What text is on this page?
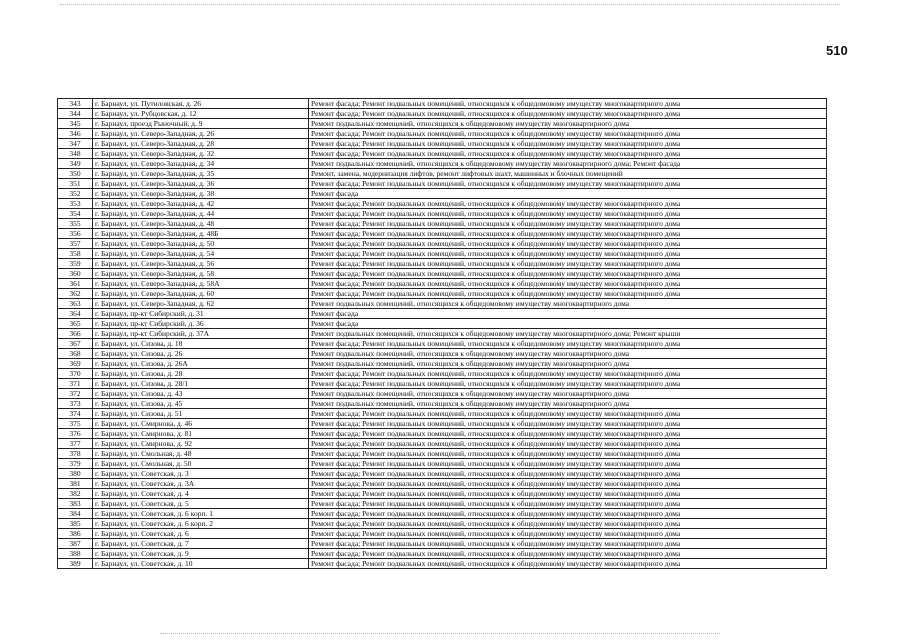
510
343	г. Барнаул, ул. Путиловская, д. 26	Ремонт фасада; Ремонт подвальных помещений, относящихся к общедомовому имуществу многоквартирного дома
344	г. Барнаул, ул. Рубцовская, д. 12	Ремонт фасада; Ремонт подвальных помещений, относящихся к общедомовому имуществу многоквартирного дома
345	г. Барнаул, проезд Рыночный, д. 9	Ремонт подвальных помещений, относящихся к общедомовому имуществу многоквартирного дома
346	г. Барнаул, ул. Северо-Западная, д. 26	Ремонт фасада; Ремонт подвальных помещений, относящихся к общедомовому имуществу многоквартирного дома
347	г. Барнаул, ул. Северо-Западная, д. 28	Ремонт фасада; Ремонт подвальных помещений, относящихся к общедомовому имуществу многоквартирного дома
348	г. Барнаул, ул. Северо-Западная, д. 32	Ремонт фасада; Ремонт подвальных помещений, относящихся к общедомовому имуществу многоквартирного дома
349	г. Барнаул, ул. Северо-Западная, д. 34	Ремонт подвальных помещений, относящихся к общедомовому имуществу многоквартирного дома; Ремонт фасада
350	г. Барнаул, ул. Северо-Западная, д. 35	Ремонт, замена, модернизация лифтов, ремонт лифтовых шахт, машинных и блочных помещений
351	г. Барнаул, ул. Северо-Западная, д. 36	Ремонт фасада; Ремонт подвальных помещений, относящихся к общедомовому имуществу многоквартирного дома
352	г. Барнаул, ул. Северо-Западная, д. 38	Ремонт фасада
353	г. Барнаул, ул. Северо-Западная, д. 42	Ремонт фасада; Ремонт подвальных помещений, относящихся к общедомовому имуществу многоквартирного дома
354	г. Барнаул, ул. Северо-Западная, д. 44	Ремонт фасада; Ремонт подвальных помещений, относящихся к общедомовому имуществу многоквартирного дома
355	г. Барнаул, ул. Северо-Западная, д. 48	Ремонт фасада; Ремонт подвальных помещений, относящихся к общедомовому имуществу многоквартирного дома
356	г. Барнаул, ул. Северо-Западная, д. 48Б	Ремонт фасада; Ремонт подвальных помещений, относящихся к общедомовому имуществу многоквартирного дома
357	г. Барнаул, ул. Северо-Западная, д. 50	Ремонт фасада; Ремонт подвальных помещений, относящихся к общедомовому имуществу многоквартирного дома
358	г. Барнаул, ул. Северо-Западная, д. 54	Ремонт фасада; Ремонт подвальных помещений, относящихся к общедомовому имуществу многоквартирного дома
359	г. Барнаул, ул. Северо-Западная, д. 56	Ремонт фасада; Ремонт подвальных помещений, относящихся к общедомовому имуществу многоквартирного дома
360	г. Барнаул, ул. Северо-Западная, д. 58	Ремонт фасада; Ремонт подвальных помещений, относящихся к общедомовому имуществу многоквартирного дома
361	г. Барнаул, ул. Северо-Западная, д. 58А	Ремонт фасада; Ремонт подвальных помещений, относящихся к общедомовому имуществу многоквартирного дома
362	г. Барнаул, ул. Северо-Западная, д. 60	Ремонт фасада; Ремонт подвальных помещений, относящихся к общедомовому имуществу многоквартирного дома
363	г. Барнаул, ул. Северо-Западная, д. 62	Ремонт подвальных помещений, относящихся к общедомовому имуществу многоквартирного дома
364	г. Барнаул, пр-кт Сибирский, д. 31	Ремонт фасада
365	г. Барнаул, пр-кт Сибирский, д. 36	Ремонт фасада
366	г. Барнаул, пр-кт Сибирский, д. 37А	Ремонт подвальных помещений, относящихся к общедомовому имуществу многоквартирного дома; Ремонт крыши
367	г. Барнаул, ул. Сизова, д. 18	Ремонт фасада; Ремонт подвальных помещений, относящихся к общедомовому имуществу многоквартирного дома
368	г. Барнаул, ул. Сизова, д. 26	Ремонт подвальных помещений, относящихся к общедомовому имуществу многоквартирного дома
369	г. Барнаул, ул. Сизова, д. 26А	Ремонт подвальных помещений, относящихся к общедомовому имуществу многоквартирного дома
370	г. Барнаул, ул. Сизова, д. 28	Ремонт фасада; Ремонт подвальных помещений, относящихся к общедомовому имуществу многоквартирного дома
371	г. Барнаул, ул. Сизова, д. 28/1	Ремонт фасада; Ремонт подвальных помещений, относящихся к общедомовому имуществу многоквартирного дома
372	г. Барнаул, ул. Сизова, д. 43	Ремонт подвальных помещений, относящихся к общедомовому имуществу многоквартирного дома
373	г. Барнаул, ул. Сизова, д. 45	Ремонт подвальных помещений, относящихся к общедомовому имуществу многоквартирного дома
374	г. Барнаул, ул. Сизова, д. 51	Ремонт фасада; Ремонт подвальных помещений, относящихся к общедомовому имуществу многоквартирного дома
375	г. Барнаул, ул. Смирнова, д. 46	Ремонт фасада; Ремонт подвальных помещений, относящихся к общедомовому имуществу многоквартирного дома
376	г. Барнаул, ул. Смирнова, д. 81	Ремонт фасада; Ремонт подвальных помещений, относящихся к общедомовому имуществу многоквартирного дома
377	г. Барнаул, ул. Смирнова, д. 92	Ремонт фасада; Ремонт подвальных помещений, относящихся к общедомовому имуществу многоквартирного дома
378	г. Барнаул, ул. Смольная, д. 48	Ремонт фасада; Ремонт подвальных помещений, относящихся к общедомовому имуществу многоквартирного дома
379	г. Барнаул, ул. Смольная, д. 50	Ремонт фасада; Ремонт подвальных помещений, относящихся к общедомовому имуществу многоквартирного дома
380	г. Барнаул, ул. Советская, д. 3	Ремонт фасада; Ремонт подвальных помещений, относящихся к общедомовому имуществу многоквартирного дома
381	г. Барнаул, ул. Советская, д. 3А	Ремонт фасада; Ремонт подвальных помещений, относящихся к общедомовому имуществу многоквартирного дома
382	г. Барнаул, ул. Советская, д. 4	Ремонт фасада; Ремонт подвальных помещений, относящихся к общедомовому имуществу многоквартирного дома
383	г. Барнаул, ул. Советская, д. 5	Ремонт фасада; Ремонт подвальных помещений, относящихся к общедомовому имуществу многоквартирного дома
384	г. Барнаул, ул. Советская, д. 6 корп. 1	Ремонт фасада; Ремонт подвальных помещений, относящихся к общедомовому имуществу многоквартирного дома
385	г. Барнаул, ул. Советская, д. 6 корп. 2	Ремонт фасада; Ремонт подвальных помещений, относящихся к общедомовому имуществу многоквартирного дома
386	г. Барнаул, ул. Советская, д. 6	Ремонт фасада; Ремонт подвальных помещений, относящихся к общедомовому имуществу многоквартирного дома
387	г. Барнаул, ул. Советская, д. 7	Ремонт фасада; Ремонт подвальных помещений, относящихся к общедомовому имуществу многоквартирного дома
388	г. Барнаул, ул. Советская, д. 9	Ремонт фасада; Ремонт подвальных помещений, относящихся к общедомовому имуществу многоквартирного дома
389	г. Барнаул, ул. Советская, д. 10	Ремонт фасада; Ремонт подвальных помещений, относящихся к общедомовому имуществу многоквартирного дома
